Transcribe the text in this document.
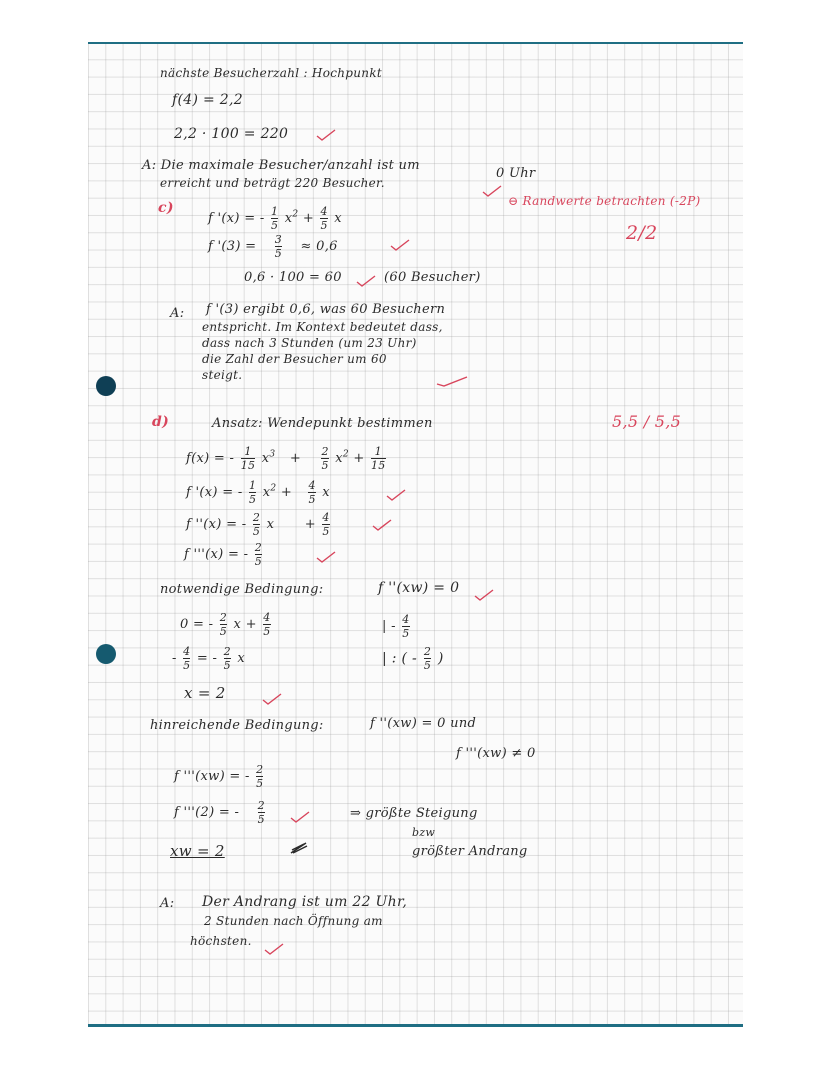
nächste Besucherzahl : Hochpunkt
f(4) = 2,2
2,2 · 100 = 220
A: Die maximale Besucher/anzahl ist um
0 Uhr
erreicht und beträgt 220 Besucher.
⊖ Randwerte betrachten (-2P)
2/2
c)
f '(x) = - $\frac{1}{5} x^2 + \frac{4}{5}$ x
f '$(3) = \frac{3}{5} \approx 0,6$
0,6 · 100 = 60	(60 Besucher)
A: f '(3) ergibt 0,6, was 60 Besuchern
entspricht. Im Kontext bedeutet dass,
dass nach 3 Stunden (um 23 Uhr)
die Zahl der Besucher um 60
steigt.
d)	Ansatz: Wendepunkt bestimmen	5,5 / 5,5
f(x) = - $\frac{1}{15} x^3 + \frac{2}{5} x^2 + \frac{1}{15}$
f '(x) = - $\frac{1}{5} x^2 + \frac{4}{5}$ x
f ''(x) = - $\frac{2}{5}$ $x + \frac{4}{5}$
f '''(x) = - $\frac{2}{5}$
notwendige Bedingung:	f ''(xw) = 0
0 = - $\frac{2}{5}$ $x + \frac{4}{5}$	| - $\frac{4}{5}$
- $\frac{4}{5}$ = - $\frac{2}{5}$ x	| : ( - $\frac{2}{5}$ )
x = 2
hinreichende Bedingung:	f ''(xw) = 0 und
f '''(xw) ≠ 0
f '''(xw) = - $\frac{2}{5}$
f '''(2) = - $\frac{2}{5}$
xw = 2
⇒ größte Steigung
bzw
größter Andrang
A: Der Andrang ist um 22 Uhr,
2 Stunden nach Öffnung am
höchsten.
